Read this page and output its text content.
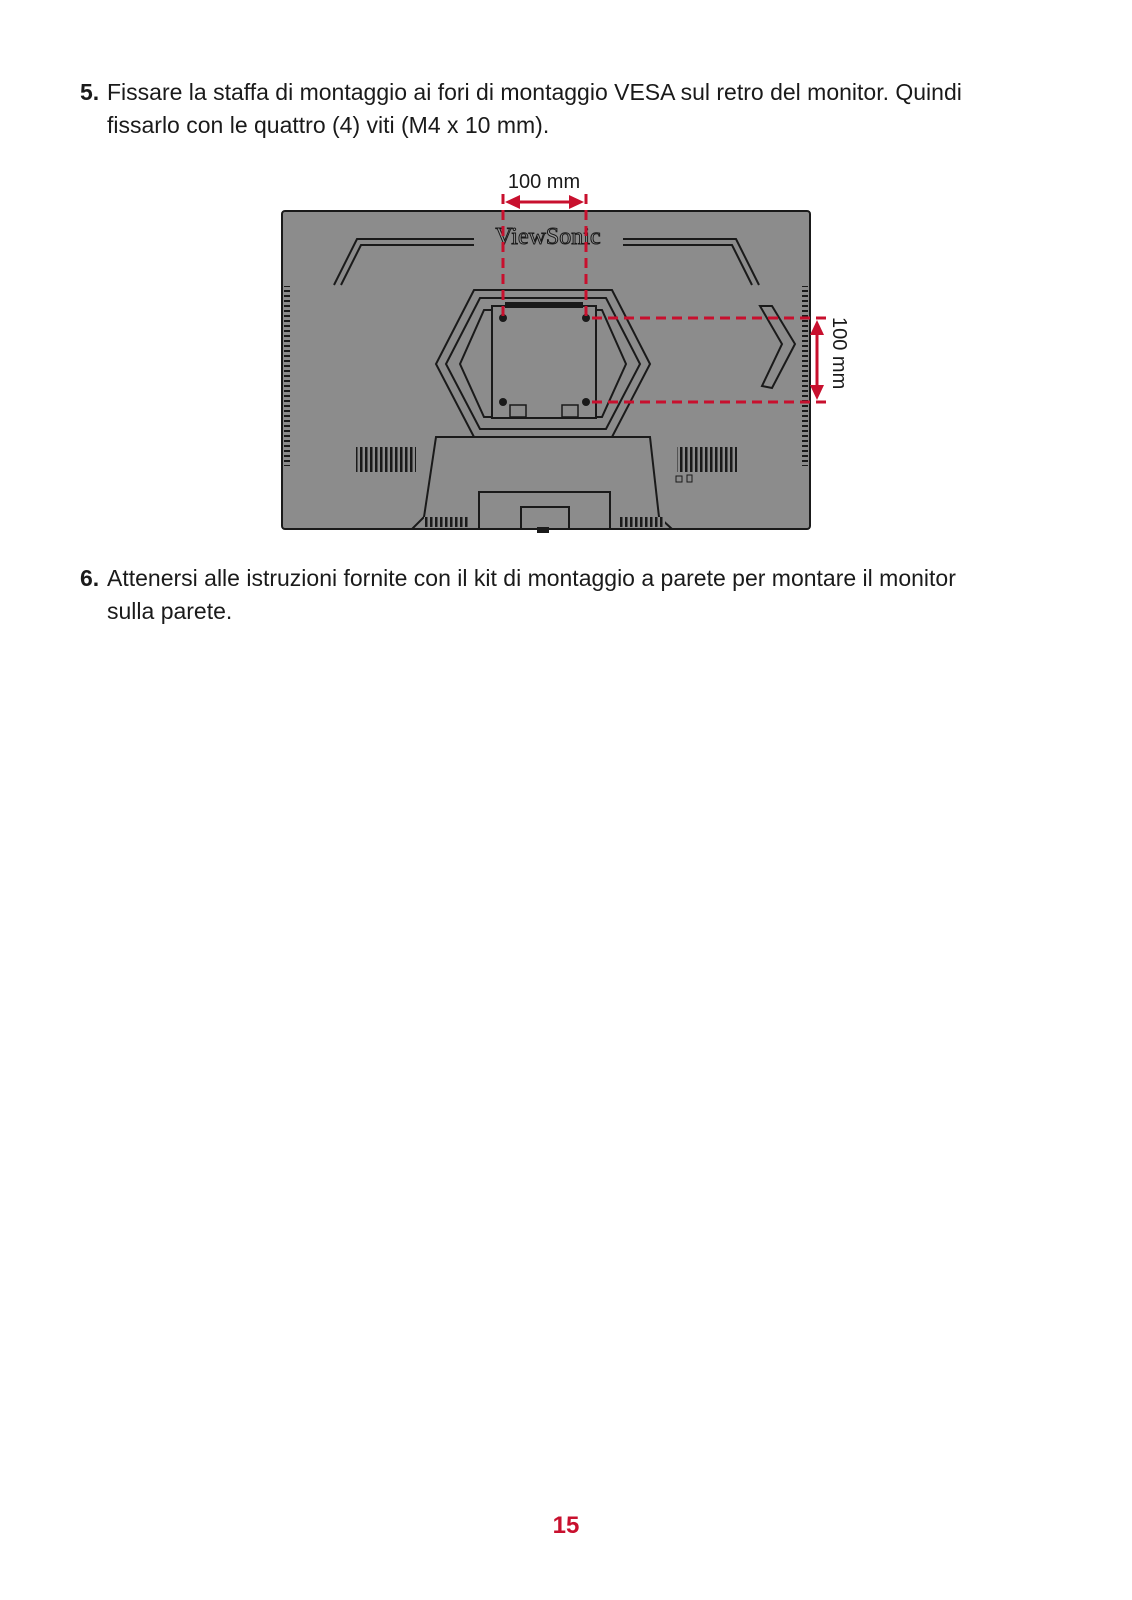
5. Fissare la staffa di montaggio ai fori di montaggio VESA sul retro del monitor. Quindi fissarlo con le quattro (4) viti (M4 x 10 mm).
ViewSonic
100 mm
100 mm
6. Attenersi alle istruzioni fornite con il kit di montaggio a parete per montare il monitor sulla parete.
15
